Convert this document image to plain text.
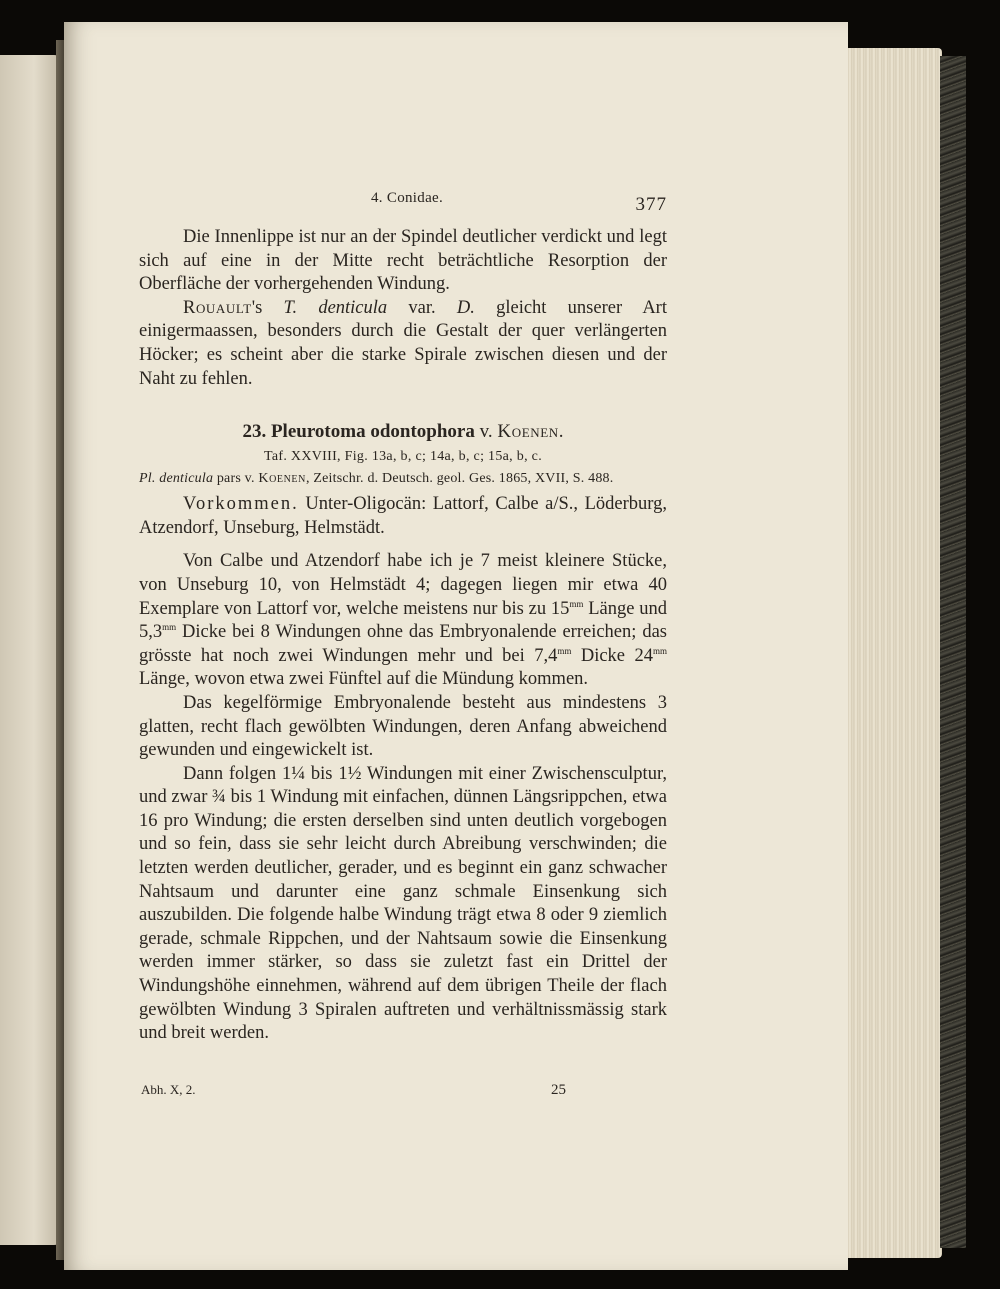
4. Conidae.	377

Die Innenlippe ist nur an der Spindel deutlicher verdickt und legt sich auf eine in der Mitte recht beträchtliche Resorption der Oberfläche der vorhergehenden Windung.

Rouault's T. denticula var. D. gleicht unserer Art einigermaassen, besonders durch die Gestalt der quer verlängerten Höcker; es scheint aber die starke Spirale zwischen diesen und der Naht zu fehlen.

23. Pleurotoma odontophora v. Koenen.
Taf. XXVIII, Fig. 13a, b, c; 14a, b, c; 15a, b, c.
Pl. denticula pars v. Koenen, Zeitschr. d. Deutsch. geol. Ges. 1865, XVII, S. 488.

Vorkommen. Unter-Oligocän: Lattorf, Calbe a/S., Löderburg, Atzendorf, Unseburg, Helmstädt.

Von Calbe und Atzendorf habe ich je 7 meist kleinere Stücke, von Unseburg 10, von Helmstädt 4; dagegen liegen mir etwa 40 Exemplare von Lattorf vor, welche meistens nur bis zu $15^{mm}$ Länge und $5,3^{mm}$ Dicke bei 8 Windungen ohne das Embryonalende erreichen; das grösste hat noch zwei Windungen mehr und bei $7,4^{mm}$ Dicke $24^{mm}$ Länge, wovon etwa zwei Fünftel auf die Mündung kommen.

Das kegelförmige Embryonalende besteht aus mindestens 3 glatten, recht flach gewölbten Windungen, deren Anfang abweichend gewunden und eingewickelt ist.

Dann folgen 1¼ bis 1½ Windungen mit einer Zwischensculptur, und zwar ¾ bis 1 Windung mit einfachen, dünnen Längsrippchen, etwa 16 pro Windung; die ersten derselben sind unten deutlich vorgebogen und so fein, dass sie sehr leicht durch Abreibung verschwinden; die letzten werden deutlicher, gerader, und es beginnt ein ganz schwacher Nahtsaum und darunter eine ganz schmale Einsenkung sich auszubilden. Die folgende halbe Windung trägt etwa 8 oder 9 ziemlich gerade, schmale Rippchen, und der Nahtsaum sowie die Einsenkung werden immer stärker, so dass sie zuletzt fast ein Drittel der Windungshöhe einnehmen, während auf dem übrigen Theile der flach gewölbten Windung 3 Spiralen auftreten und verhältnissmässig stark und breit werden.

Abh. X, 2.	25
